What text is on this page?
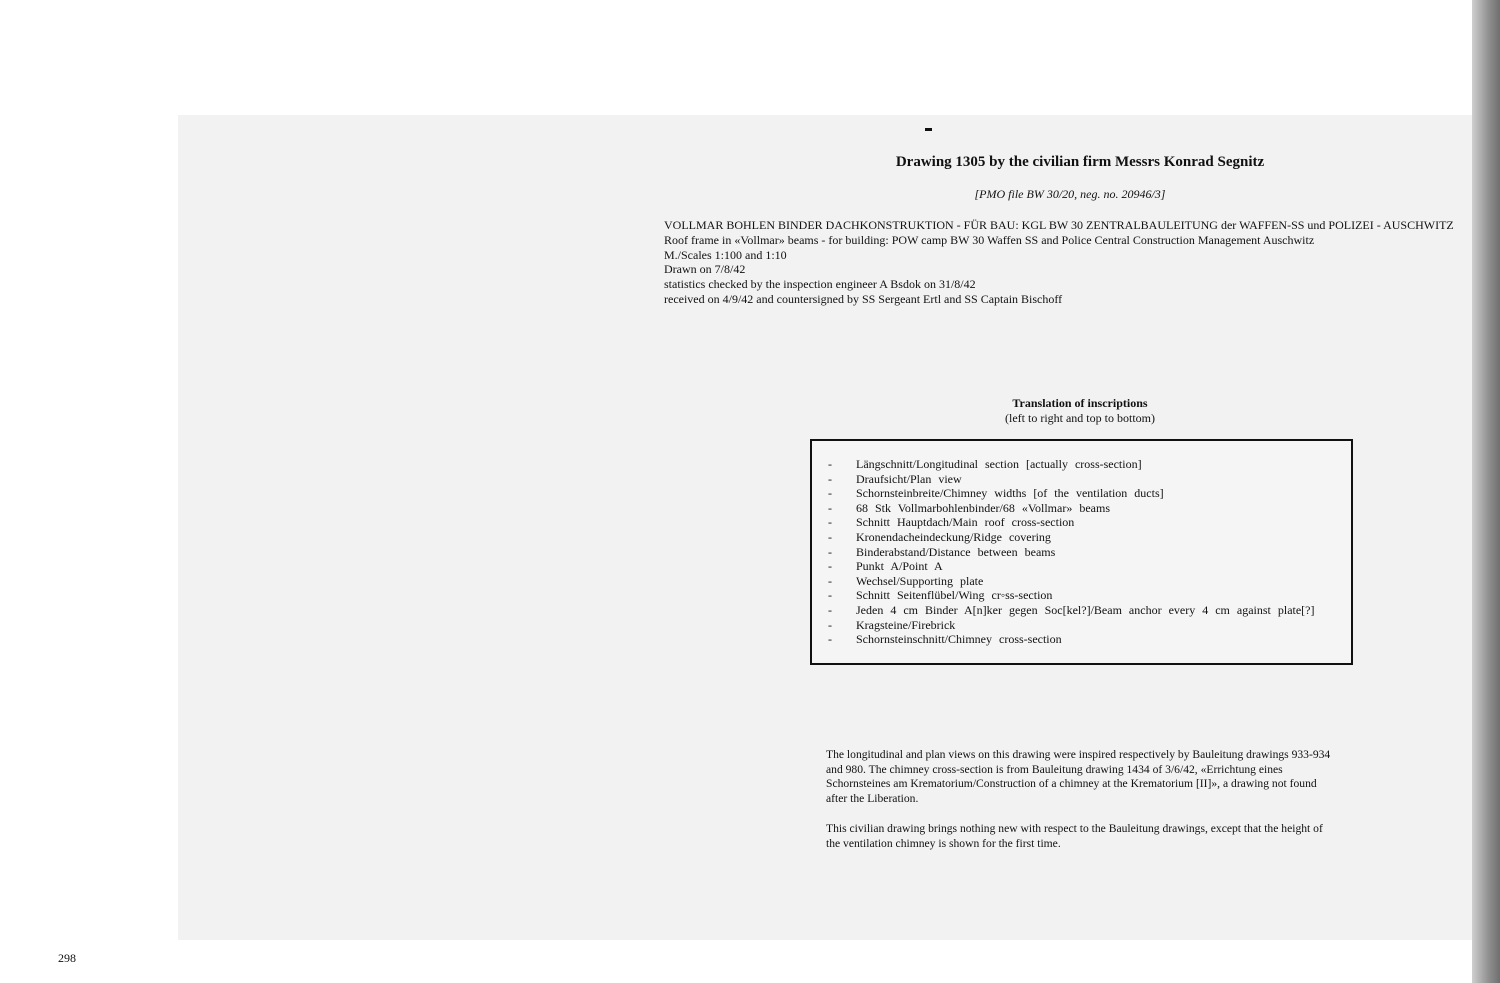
Drawing 1305 by the civilian firm Messrs Konrad Segnitz
[PMO file BW 30/20, neg. no. 20946/3]
VOLLMAR BOHLEN BINDER DACHKONSTRUKTION - FÜR BAU: KGL BW 30 ZENTRALBAULEITUNG der WAFFEN-SS und POLIZEI - AUSCHWITZ
Roof frame in «Vollmar» beams - for building: POW camp BW 30 Waffen SS and Police Central Construction Management Auschwitz
M./Scales 1:100 and 1:10
Drawn on 7/8/42
statistics checked by the inspection engineer A Bsdok on 31/8/42
received on 4/9/42 and countersigned by SS Sergeant Ertl and SS Captain Bischoff
Translation of inscriptions
(left to right and top to bottom)
-	Längschnitt/Longitudinal section [actually cross-section]
-	Draufsicht/Plan view
-	Schornsteinbreite/Chimney widths [of the ventilation ducts]
-	68 Stk Vollmarbohlenbinder/68 «Vollmar» beams
-	Schnitt Hauptdach/Main roof cross-section
-	Kronendacheindeckung/Ridge covering
-	Binderabstand/Distance between beams
-	Punkt A/Point A
-	Wechsel/Supporting plate
-	Schnitt Seitenflübel/Wing cr◦ss-section
-	Jeden 4 cm Binder A[n]ker gegen Soc[kel?]/Beam anchor every 4 cm against plate[?]
-	Kragsteine/Firebrick
-	Schornsteinschnitt/Chimney cross-section
The longitudinal and plan views on this drawing were inspired respectively by Bauleitung drawings 933-934 and 980. The chimney cross-section is from Bauleitung drawing 1434 of 3/6/42, «Errichtung eines Schornsteines am Krematorium/Construction of a chimney at the Krematorium [II]», a drawing not found after the Liberation.
This civilian drawing brings nothing new with respect to the Bauleitung drawings, except that the height of the ventilation chimney is shown for the first time.
298
